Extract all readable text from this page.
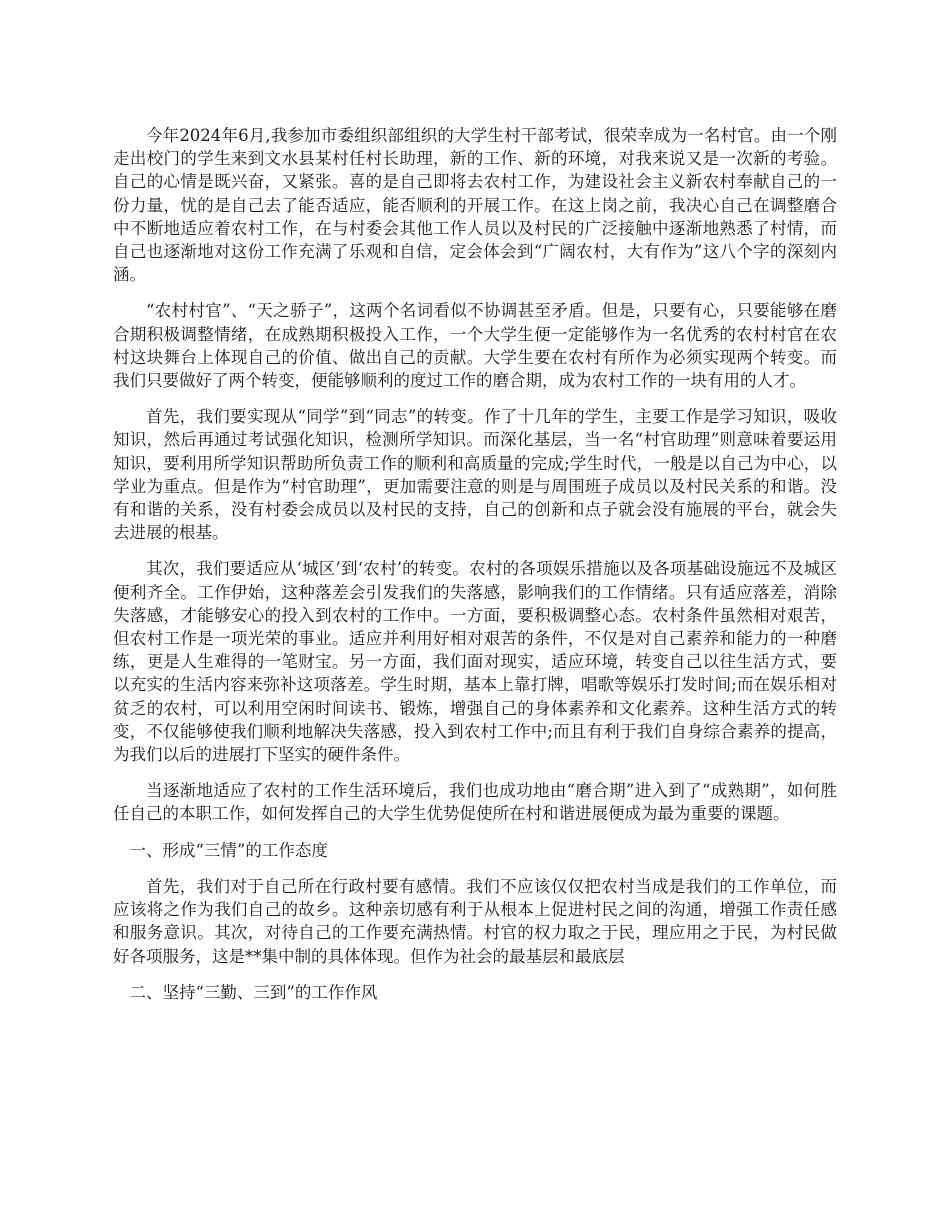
今年2024年6月,我参加市委组织部组织的大学生村干部考试，很荣幸成为一名村官。由一个刚走出校门的学生来到文水县某村任村长助理，新的工作、新的环境，对我来说又是一次新的考验。自己的心情是既兴奋，又紧张。喜的是自己即将去农村工作，为建设社会主义新农村奉献自己的一份力量，忧的是自己去了能否适应，能否顺利的开展工作。在这上岗之前，我决心自己在调整磨合中不断地适应着农村工作，在与村委会其他工作人员以及村民的广泛接触中逐渐地熟悉了村情，而自己也逐渐地对这份工作充满了乐观和自信，定会体会到“广阔农村，大有作为”这八个字的深刻内涵。

“农村村官”、“天之骄子”，这两个名词看似不协调甚至矛盾。但是，只要有心，只要能够在磨合期积极调整情绪，在成熟期积极投入工作，一个大学生便一定能够作为一名优秀的农村村官在农村这块舞台上体现自己的价值、做出自己的贡献。大学生要在农村有所作为必须实现两个转变。而我们只要做好了两个转变，便能够顺利的度过工作的磨合期，成为农村工作的一块有用的人才。

首先，我们要实现从“同学”到“同志”的转变。作了十几年的学生，主要工作是学习知识，吸收知识，然后再通过考试强化知识，检测所学知识。而深化基层，当一名“村官助理”则意味着要运用知识，要利用所学知识帮助所负责工作的顺利和高质量的完成;学生时代，一般是以自己为中心，以学业为重点。但是作为“村官助理”，更加需要注意的则是与周围班子成员以及村民关系的和谐。没有和谐的关系，没有村委会成员以及村民的支持，自己的创新和点子就会没有施展的平台，就会失去进展的根基。

其次，我们要适应从‘城区’到‘农村’的转变。农村的各项娱乐措施以及各项基础设施远不及城区便利齐全。工作伊始，这种落差会引发我们的失落感，影响我们的工作情绪。只有适应落差，消除失落感，才能够安心的投入到农村的工作中。一方面，要积极调整心态。农村条件虽然相对艰苦，但农村工作是一项光荣的事业。适应并利用好相对艰苦的条件，不仅是对自己素养和能力的一种磨练，更是人生难得的一笔财宝。另一方面，我们面对现实，适应环境，转变自己以往生活方式，要以充实的生活内容来弥补这项落差。学生时期，基本上靠打牌，唱歌等娱乐打发时间;而在娱乐相对贫乏的农村，可以利用空闲时间读书、锻炼，增强自己的身体素养和文化素养。这种生活方式的转变，不仅能够使我们顺利地解决失落感，投入到农村工作中;而且有利于我们自身综合素养的提高，为我们以后的进展打下坚实的硬件条件。

当逐渐地适应了农村的工作生活环境后，我们也成功地由“磨合期”进入到了“成熟期”，如何胜任自己的本职工作，如何发挥自己的大学生优势促使所在村和谐进展便成为最为重要的课题。

一、形成“三情”的工作态度

首先，我们对于自己所在行政村要有感情。我们不应该仅仅把农村当成是我们的工作单位，而应该将之作为我们自己的故乡。这种亲切感有利于从根本上促进村民之间的沟通，增强工作责任感和服务意识。其次，对待自己的工作要充满热情。村官的权力取之于民，理应用之于民，为村民做好各项服务，这是**集中制的具体体现。但作为社会的最基层和最底层

二、坚持“三勤、三到”的工作作风
